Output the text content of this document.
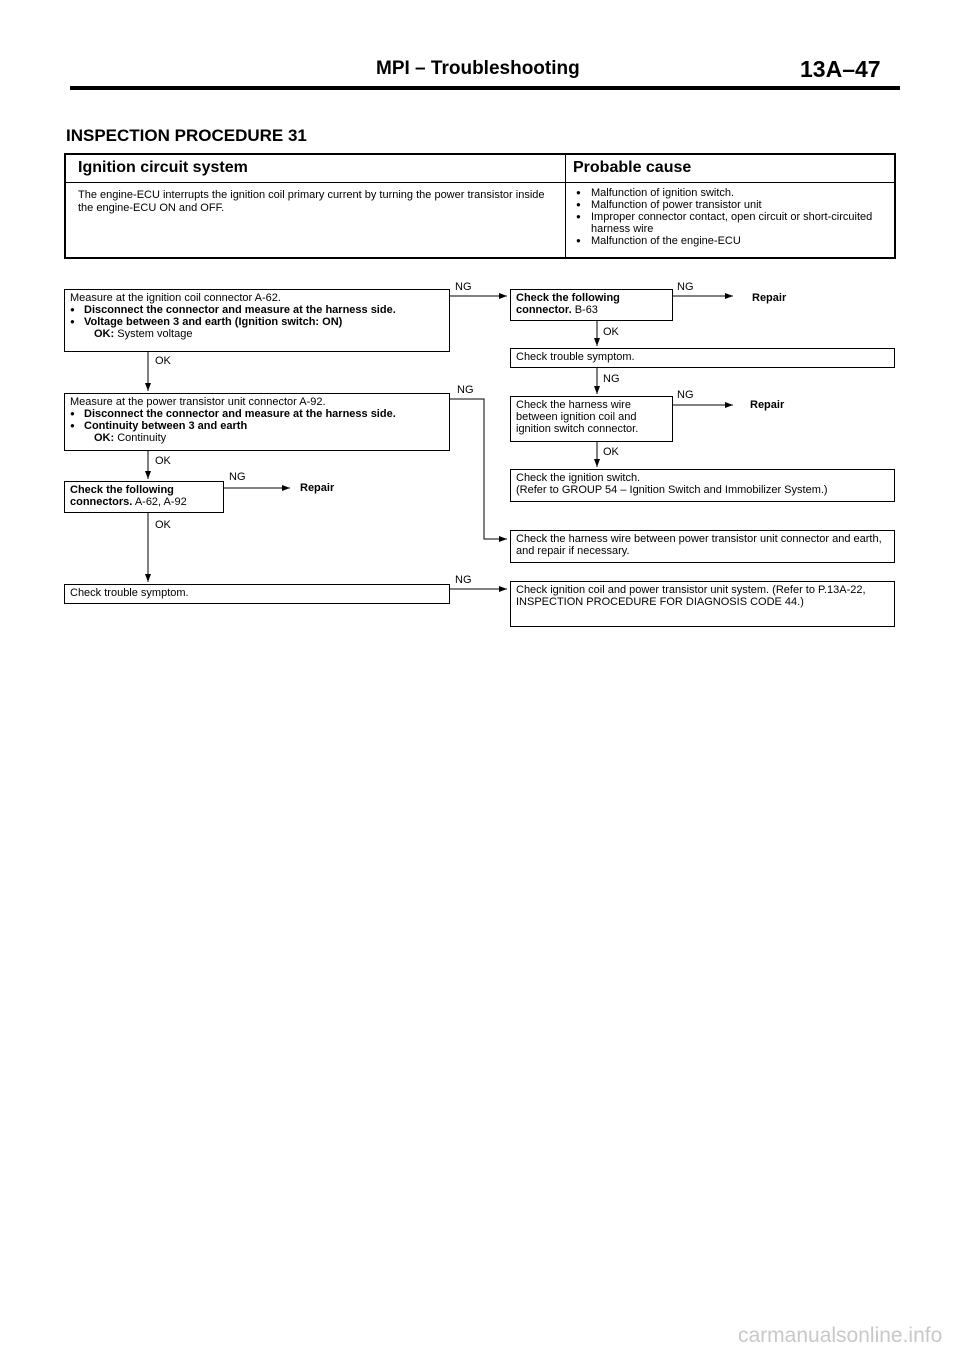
MPI – Troubleshooting	13A–47
INSPECTION PROCEDURE 31
Ignition circuit system	Probable cause
The engine-ECU interrupts the ignition coil primary current by turning the power transistor inside the engine-ECU ON and OFF.
● Malfunction of ignition switch.
● Malfunction of power transistor unit
● Improper connector contact, open circuit or short-circuited harness wire
● Malfunction of the engine-ECU
Measure at the ignition coil connector A-62.
● Disconnect the connector and measure at the harness side.
● Voltage between 3 and earth (Ignition switch: ON)
OK: System voltage
Measure at the power transistor unit connector A-92.
● Disconnect the connector and measure at the harness side.
● Continuity between 3 and earth
OK: Continuity
Check the following connectors. A-62, A-92
Check trouble symptom.
Check the following connector. B-63
Check trouble symptom.
Check the harness wire between ignition coil and ignition switch connector.
Check the ignition switch.
(Refer to GROUP 54 – Ignition Switch and Immobilizer System.)
Check the harness wire between power transistor unit connector and earth, and repair if necessary.
Check ignition coil and power transistor unit system. (Refer to P.13A-22, INSPECTION PROCEDURE FOR DIAGNOSIS CODE 44.)
NG	NG
Repair
OK
NG
NG
Repair
OK
OK
NG
OK
NG
Repair
OK
NG
carmanualsonline.info
